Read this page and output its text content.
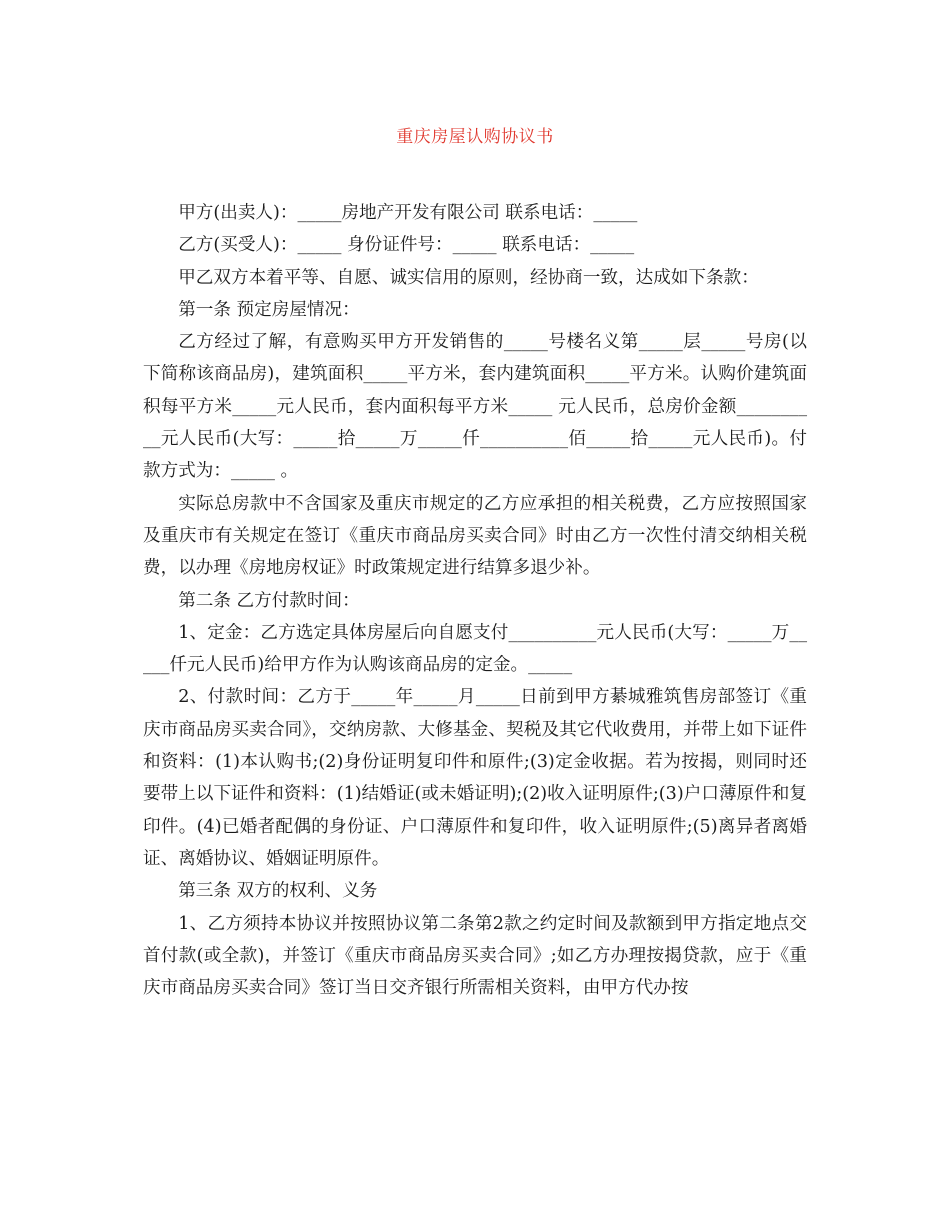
重庆房屋认购协议书

甲方(出卖人)：_____房地产开发有限公司 联系电话：_____

乙方(买受人)：_____ 身份证件号：_____ 联系电话：_____

甲乙双方本着平等、自愿、诚实信用的原则，经协商一致，达成如下条款：

第一条 预定房屋情况：

乙方经过了解，有意购买甲方开发销售的_____号楼名义第_____层_____号房(以下简称该商品房)，建筑面积_____平方米，套内建筑面积_____平方米。认购价建筑面积每平方米_____元人民币，套内面积每平方米_____ 元人民币，总房价金额__________元人民币(大写：_____拾_____万_____仟__________佰_____拾_____元人民币)。付款方式为：_____ 。

实际总房款中不含国家及重庆市规定的乙方应承担的相关税费，乙方应按照国家及重庆市有关规定在签订《重庆市商品房买卖合同》时由乙方一次性付清交纳相关税费，以办理《房地房权证》时政策规定进行结算多退少补。

第二条 乙方付款时间：

1、定金：乙方选定具体房屋后向自愿支付__________元人民币(大写：_____万_____仟元人民币)给甲方作为认购该商品房的定金。_____

2、付款时间：乙方于_____年_____月_____日前到甲方綦城雅筑售房部签订《重庆市商品房买卖合同》，交纳房款、大修基金、契税及其它代收费用，并带上如下证件和资料：(1)本认购书;(2)身份证明复印件和原件;(3)定金收据。若为按揭，则同时还要带上以下证件和资料：(1)结婚证(或未婚证明);(2)收入证明原件;(3)户口薄原件和复印件。(4)已婚者配偶的身份证、户口薄原件和复印件，收入证明原件;(5)离异者离婚证、离婚协议、婚姻证明原件。

第三条 双方的权利、义务

1、乙方须持本协议并按照协议第二条第2款之约定时间及款额到甲方指定地点交首付款(或全款)，并签订《重庆市商品房买卖合同》;如乙方办理按揭贷款，应于《重庆市商品房买卖合同》签订当日交齐银行所需相关资料，由甲方代办按
